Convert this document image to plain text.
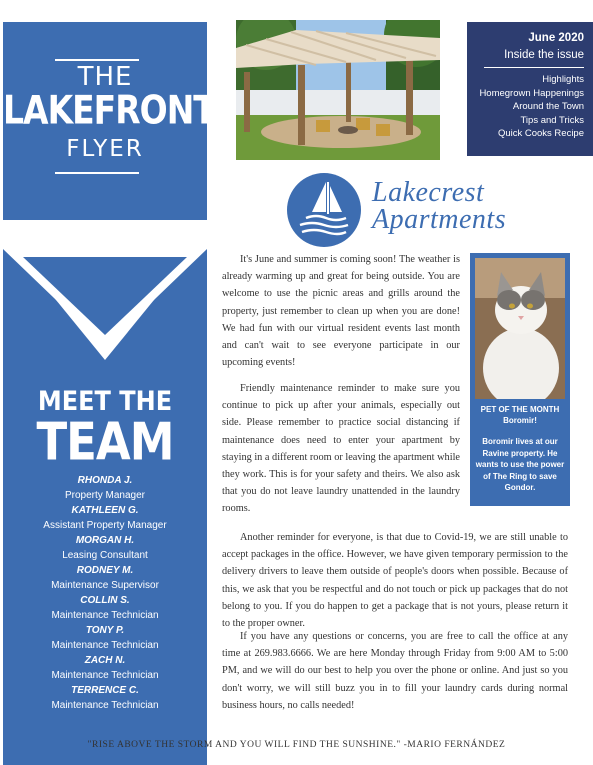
THE
LAKEFRONT
FLYER
MEET THE
TEAM
RHONDA J.
Property Manager
KATHLEEN G.
Assistant Property Manager
MORGAN H.
Leasing Consultant
RODNEY M.
Maintenance Supervisor
COLLIN S.
Maintenance Technician
TONY P.
Maintenance Technician
ZACH N.
Maintenance Technician
TERRENCE C.
Maintenance Technician
June 2020
Inside the issue
Highlights
Homegrown Happenings
Around the Town
Tips and Tricks
Quick Cooks Recipe
Lakecrest
Apartments

It's June and summer is coming soon! The weather is already warming up and great for being outside. You are welcome to use the picnic areas and grills around the property, just remember to clean up when you are done! We had fun with our virtual resident events last month and can't wait to see everyone participate in our upcoming events!

Friendly maintenance reminder to make sure you continue to pick up after your animals, especially out side. Please remember to practice social distancing if maintenance does need to enter your apartment by staying in a different room or leaving the apartment while they work. This is for your safety and theirs. We also ask that you do not leave laundry unattended in the laundry rooms.

Another reminder for everyone, is that due to Covid-19, we are still unable to accept packages in the office. However, we have given temporary permission to the delivery drivers to leave them outside of people's doors when possible. Because of this, we ask that you be respectful and do not touch or pick up packages that do not belong to you. If you do happen to get a package that is not yours, please return it to the proper owner.

If you have any questions or concerns, you are free to call the office at any time at 269.983.6666. We are here Monday through Friday from 9:00 AM to 5:00 PM, and we will do our best to help you over the phone or online. And just so you don't worry, we will still buzz you in to fill your laundry cards during normal business hours, no calls needed!

PET OF THE MONTH
Boromir!
Boromir lives at our Ravine property. He wants to use the power of The Ring to save Gondor.
"RISE ABOVE THE STORM AND YOU WILL FIND THE SUNSHINE." -MARIO FERNÁNDEZ
